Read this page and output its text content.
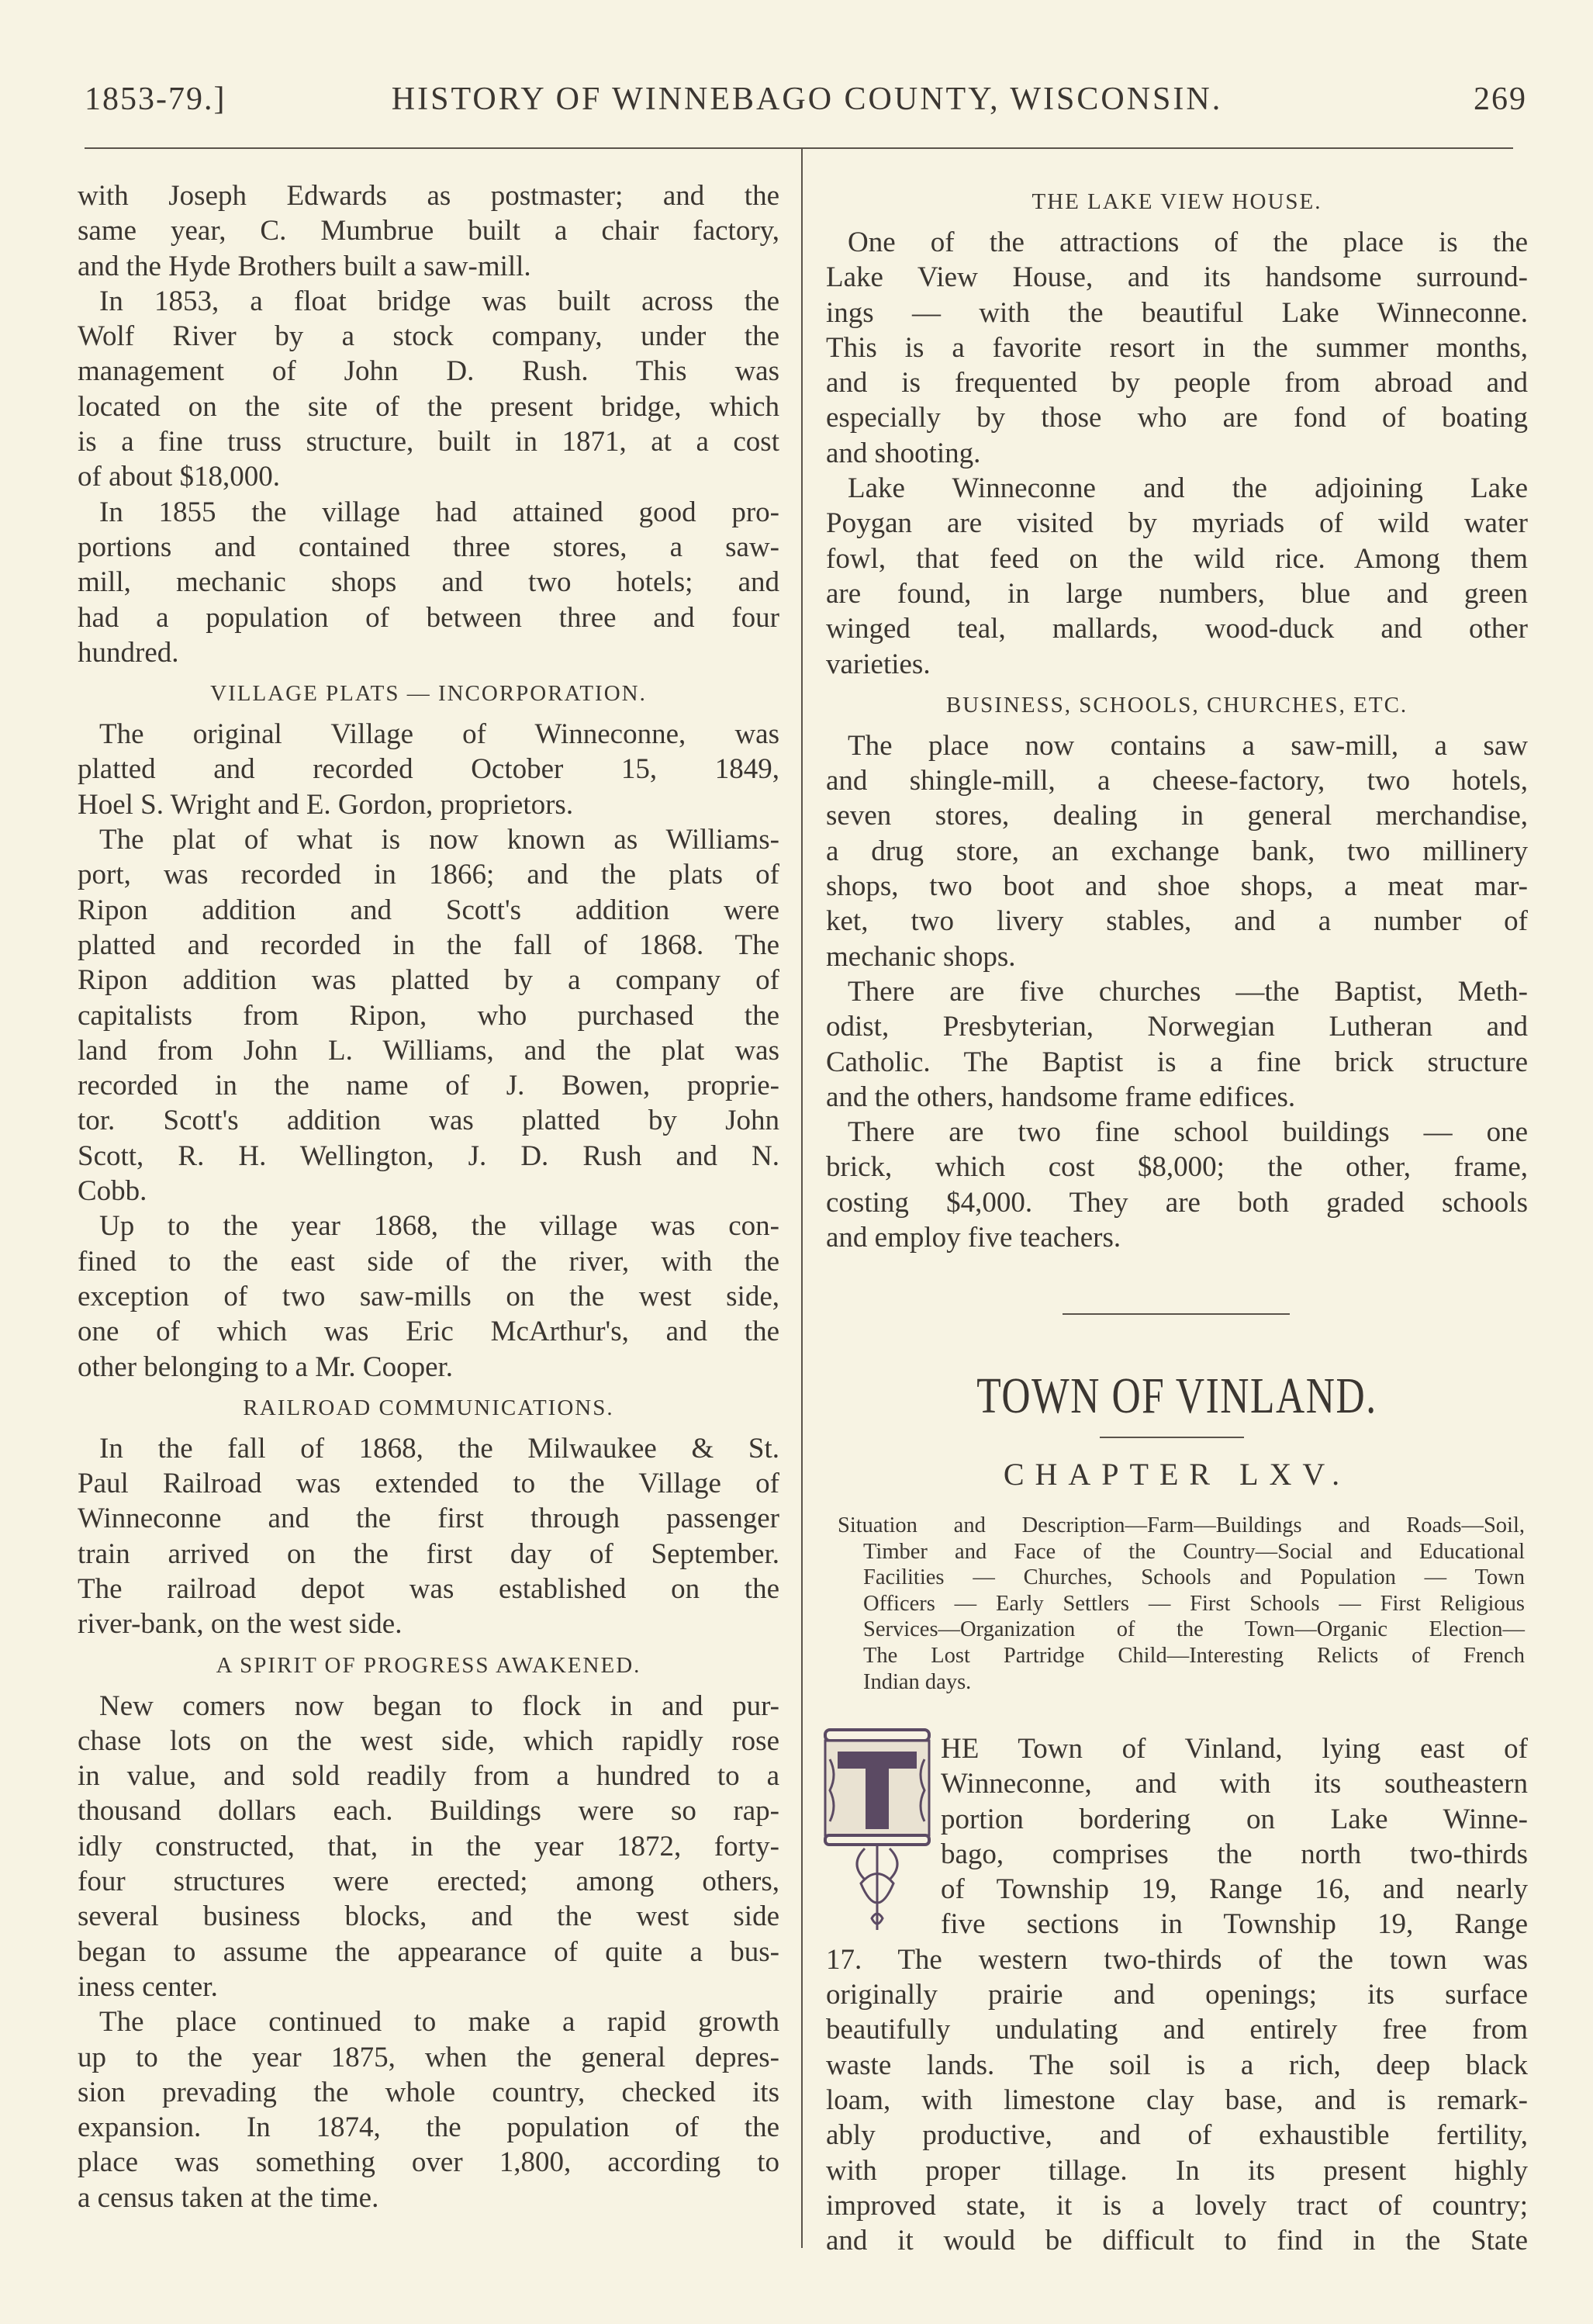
1853-79.]	HISTORY OF WINNEBAGO COUNTY, WISCONSIN.	269
with Joseph Edwards as postmaster; and the
same year, C. Mumbrue built a chair factory,
and the Hyde Brothers built a saw-mill.
In 1853, a float bridge was built across the
Wolf River by a stock company, under the
management of John D. Rush. This was
located on the site of the present bridge, which
is a fine truss structure, built in 1871, at a cost
of about $18,000.
In 1855 the village had attained good pro-
portions and contained three stores, a saw-
mill, mechanic shops and two hotels; and
had a population of between three and four
hundred.
VILLAGE PLATS — INCORPORATION.
The original Village of Winneconne, was
platted and recorded October 15, 1849,
Hoel S. Wright and E. Gordon, proprietors.
The plat of what is now known as Williams-
port, was recorded in 1866; and the plats of
Ripon addition and Scott's addition were
platted and recorded in the fall of 1868. The
Ripon addition was platted by a company of
capitalists from Ripon, who purchased the
land from John L. Williams, and the plat was
recorded in the name of J. Bowen, proprie-
tor. Scott's addition was platted by John
Scott, R. H. Wellington, J. D. Rush and N.
Cobb.
Up to the year 1868, the village was con-
fined to the east side of the river, with the
exception of two saw-mills on the west side,
one of which was Eric McArthur's, and the
other belonging to a Mr. Cooper.
RAILROAD COMMUNICATIONS.
In the fall of 1868, the Milwaukee & St.
Paul Railroad was extended to the Village of
Winneconne and the first through passenger
train arrived on the first day of September.
The railroad depot was established on the
river-bank, on the west side.
A SPIRIT OF PROGRESS AWAKENED.
New comers now began to flock in and pur-
chase lots on the west side, which rapidly rose
in value, and sold readily from a hundred to a
thousand dollars each. Buildings were so rap-
idly constructed, that, in the year 1872, forty-
four structures were erected; among others,
several business blocks, and the west side
began to assume the appearance of quite a bus-
iness center.
The place continued to make a rapid growth
up to the year 1875, when the general depres-
sion prevading the whole country, checked its
expansion. In 1874, the population of the
place was something over 1,800, according to
a census taken at the time.
THE LAKE VIEW HOUSE.
One of the attractions of the place is the
Lake View House, and its handsome surround-
ings — with the beautiful Lake Winneconne.
This is a favorite resort in the summer months,
and is frequented by people from abroad and
especially by those who are fond of boating
and shooting.
Lake Winneconne and the adjoining Lake
Poygan are visited by myriads of wild water
fowl, that feed on the wild rice. Among them
are found, in large numbers, blue and green
winged teal, mallards, wood-duck and other
varieties.
BUSINESS, SCHOOLS, CHURCHES, ETC.
The place now contains a saw-mill, a saw
and shingle-mill, a cheese-factory, two hotels,
seven stores, dealing in general merchandise,
a drug store, an exchange bank, two millinery
shops, two boot and shoe shops, a meat mar-
ket, two livery stables, and a number of
mechanic shops.
There are five churches —the Baptist, Meth-
odist, Presbyterian, Norwegian Lutheran and
Catholic. The Baptist is a fine brick structure
and the others, handsome frame edifices.
There are two fine school buildings — one
brick, which cost $8,000; the other, frame,
costing $4,000. They are both graded schools
and employ five teachers.
TOWN OF VINLAND.
CHAPTER LXV.
Situation and Description—Farm—Buildings and Roads—Soil,
Timber and Face of the Country—Social and Educational
Facilities — Churches, Schools and Population — Town
Officers — Early Settlers — First Schools — First Religious
Services—Organization of the Town—Organic Election—
The Lost Partridge Child—Interesting Relicts of French
Indian days.
HE Town of Vinland, lying east of
Winneconne, and with its southeastern
portion bordering on Lake Winne-
bago, comprises the north two-thirds
of Township 19, Range 16, and nearly
five sections in Township 19, Range
17. The western two-thirds of the town was
originally prairie and openings; its surface
beautifully undulating and entirely free from
waste lands. The soil is a rich, deep black
loam, with limestone clay base, and is remark-
ably productive, and of exhaustible fertility,
with proper tillage. In its present highly
improved state, it is a lovely tract of country;
and it would be difficult to find in the State
